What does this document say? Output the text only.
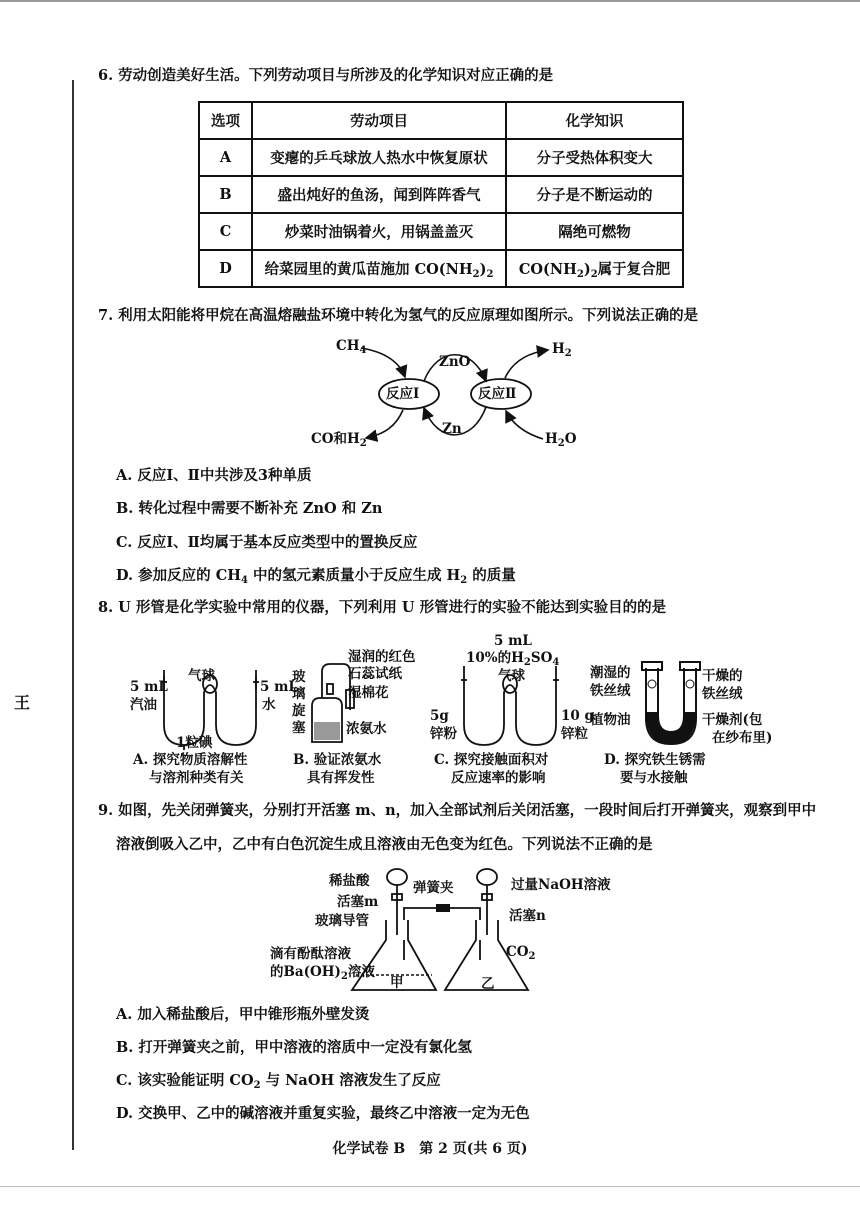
王
6. 劳动创造美好生活。下列劳动项目与所涉及的化学知识对应正确的是
选项	劳动项目	化学知识
A	变瘪的乒乓球放人热水中恢复原状	分子受热体积变大
B	盛出炖好的鱼汤，闻到阵阵香气	分子是不断运动的
C	炒菜时油锅着火，用锅盖盖灭	隔绝可燃物
D	给菜园里的黄瓜苗施加 $CO(NH_2)_2$	$CO(NH_2)_2$属于复合肥
7. 利用太阳能将甲烷在高温熔融盐环境中转化为氢气的反应原理如图所示。下列说法正确的是
$CH_4$
ZnO
$H_2$
反应Ⅰ	反应Ⅱ
CO和$H_2$
Zn
$H_2O$
A. 反应Ⅰ、Ⅱ中共涉及3种单质
B. 转化过程中需要不断补充 ZnO 和 Zn
C. 反应Ⅰ、Ⅱ均属于基本反应类型中的置换反应
D. 参加反应的 $CH_4$ 中的氢元素质量小于反应生成 $H_2$ 的质量
8. U 形管是化学实验中常用的仪器，下列利用 U 形管进行的实验不能达到实验目的的是
5 mL
汽油
气球
5 mL
水
1粒碘
A. 探究物质溶解性
与溶剂种类有关
湿润的红色
石蕊试纸
湿棉花
玻
璃
旋
塞	浓氨水
B. 验证浓氨水
具有挥发性
5 mL
10%的$H_2SO_4$
气球
5g
锌粉
10 g
锌粒
C. 探究接触面积对
反应速率的影响
潮湿的
铁丝绒
植物油
干燥的
铁丝绒
干燥剂(包
在纱布里)
D. 探究铁生锈需
要与水接触
9. 如图，先关闭弹簧夹，分别打开活塞 m、n，加入全部试剂后关闭活塞，一段时间后打开弹簧夹，观察到甲中
溶液倒吸入乙中，乙中有白色沉淀生成且溶液由无色变为红色。下列说法不正确的是
稀盐酸	弹簧夹	过量NaOH溶液
活塞m
玻璃导管	活塞n
滴有酚酞溶液
的$Ba(OH)_2$溶液
$CO_2$
甲	乙
A. 加入稀盐酸后，甲中锥形瓶外壁发烫
B. 打开弹簧夹之前，甲中溶液的溶质中一定没有氯化氢
C. 该实验能证明 $CO_2$ 与 NaOH 溶液发生了反应
D. 交换甲、乙中的碱溶液并重复实验，最终乙中溶液一定为无色
化学试卷 B　第 2 页(共 6 页)
